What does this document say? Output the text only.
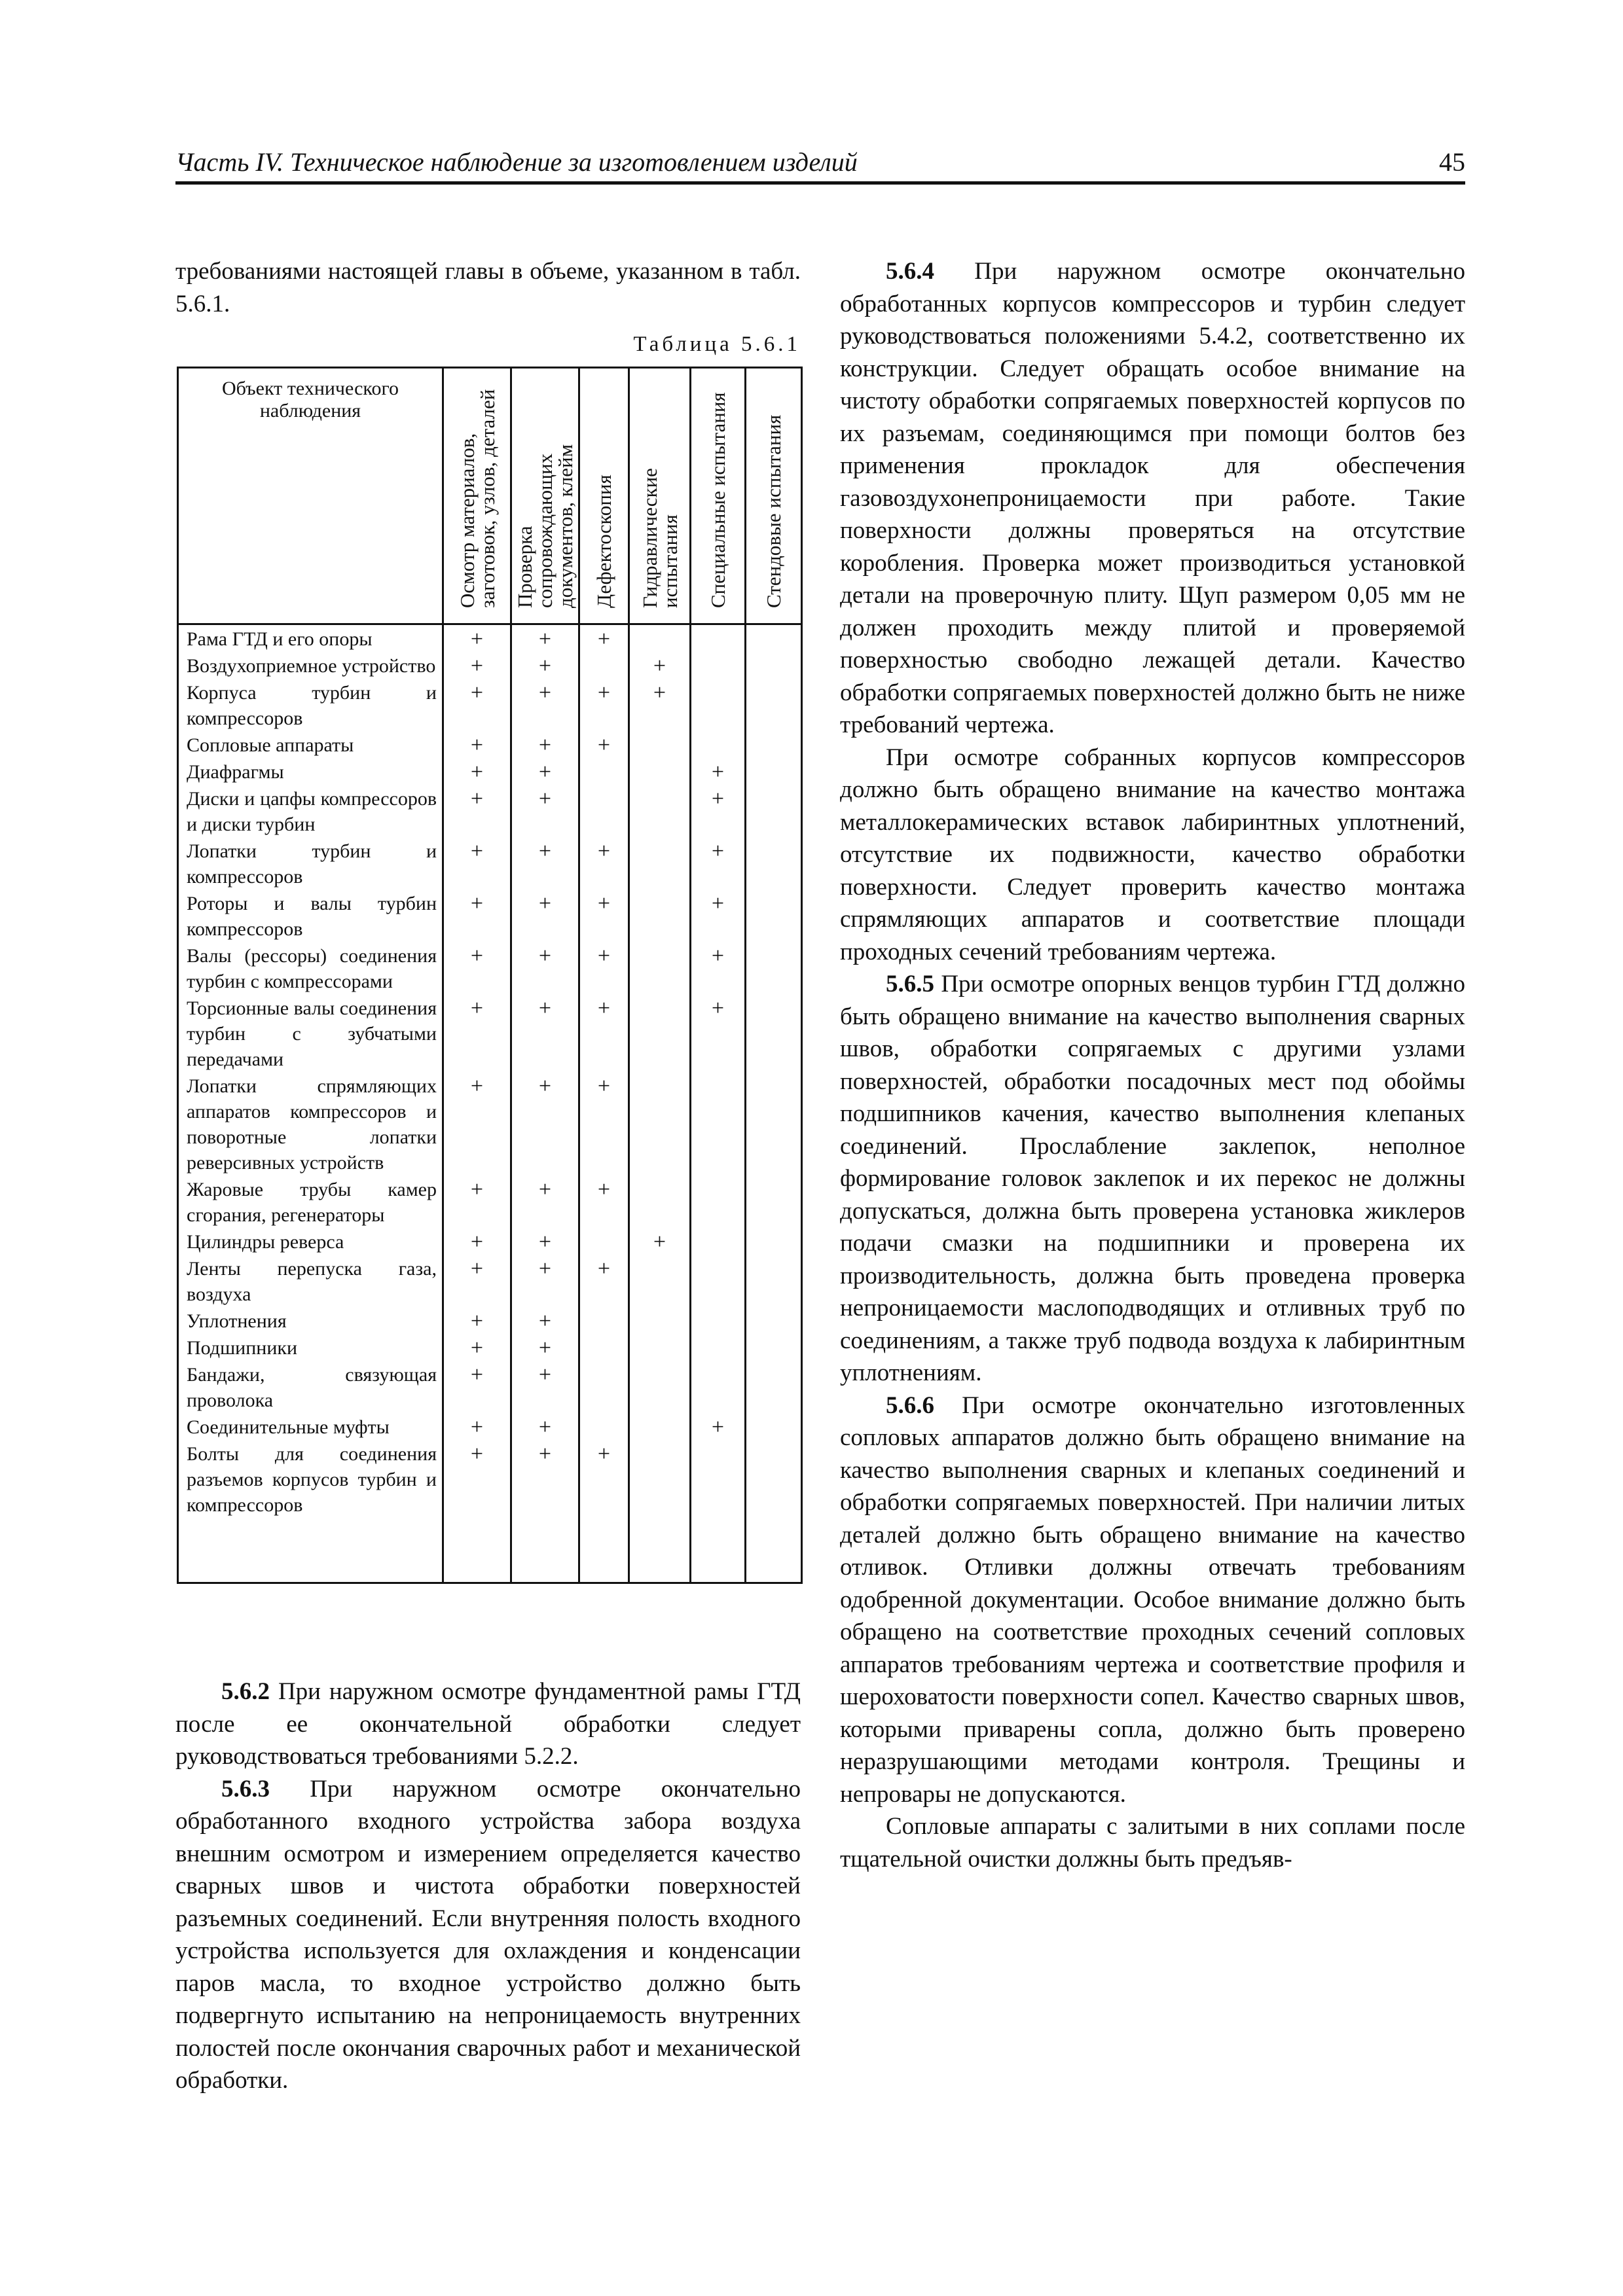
Часть IV. Техническое наблюдение за изготовлением изделий	45

требованиями настоящей главы в объеме, указанном в табл. 5.6.1.

Таблица 5.6.1
Объект технического наблюдения	Осмотр материалов, заготовок, узлов, деталей	Проверка сопровождающих документов, клейм	Дефектоскопия	Гидравлические испытания	Специальные испытания	Стендовые испытания

Рама ГТД и его опоры	+	+	+			
Воздухоприемное устройство	+	+		+		
Корпуса турбин и компрессоров	+	+	+	+		
Сопловые аппараты	+	+	+			
Диафрагмы	+	+			+	
Диски и цапфы компрессоров и диски турбин	+	+			+	
Лопатки турбин и компрессоров	+	+	+		+	
Роторы и валы турбин компрессоров	+	+	+		+	
Валы (рессоры) соединения турбин с компрессорами	+	+	+		+	
Торсионные валы соединения турбин с зубчатыми передачами	+	+	+		+	
Лопатки спрямляющих аппаратов компрессоров и поворотные лопатки реверсивных устройств	+	+	+			
Жаровые трубы камер сгорания, регенераторы	+	+	+			
Цилиндры реверса	+	+		+		
Ленты перепуска газа, воздуха	+	+	+			
Уплотнения	+	+				
Подшипники	+	+				
Бандажи, связующая проволока	+	+				
Соединительные муфты	+	+			+	
Болты для соединения разъемов корпусов турбин и компрессоров	+	+	+			

5.6.2 При наружном осмотре фундаментной рамы ГТД после ее окончательной обработки следует руководствоваться требованиями 5.2.2.

5.6.3 При наружном осмотре окончательно обработанного входного устройства забора воздуха внешним осмотром и измерением определяется качество сварных швов и чистота обработки поверхностей разъемных соединений. Если внутренняя полость входного устройства используется для охлаждения и конденсации паров масла, то входное устройство должно быть подвергнуто испытанию на непроницаемость внутренних полостей после окончания сварочных работ и механической обработки.

5.6.4 При наружном осмотре окончательно обработанных корпусов компрессоров и турбин следует руководствоваться положениями 5.4.2, соответственно их конструкции. Следует обращать особое внимание на чистоту обработки сопрягаемых поверхностей корпусов по их разъемам, соединяющимся при помощи болтов без применения прокладок для обеспечения газовоздухонепроницаемости при работе. Такие поверхности должны проверяться на отсутствие коробления. Проверка может производиться установкой детали на проверочную плиту. Щуп размером 0,05 мм не должен проходить между плитой и проверяемой поверхностью свободно лежащей детали. Качество обработки сопрягаемых поверхностей должно быть не ниже требований чертежа.

При осмотре собранных корпусов компрессоров должно быть обращено внимание на качество монтажа металлокерамических вставок лабиринтных уплотнений, отсутствие их подвижности, качество обработки поверхности. Следует проверить качество монтажа спрямляющих аппаратов и соответствие площади проходных сечений требованиям чертежа.

5.6.5 При осмотре опорных венцов турбин ГТД должно быть обращено внимание на качество выполнения сварных швов, обработки сопрягаемых с другими узлами поверхностей, обработки посадочных мест под обоймы подшипников качения, качество выполнения клепаных соединений. Прослабление заклепок, неполное формирование головок заклепок и их перекос не должны допускаться, должна быть проверена установка жиклеров подачи смазки на подшипники и проверена их производительность, должна быть проведена проверка непроницаемости маслоподводящих и отливных труб по соединениям, а также труб подвода воздуха к лабиринтным уплотнениям.

5.6.6 При осмотре окончательно изготовленных сопловых аппаратов должно быть обращено внимание на качество выполнения сварных и клепаных соединений и обработки сопрягаемых поверхностей. При наличии литых деталей должно быть обращено внимание на качество отливок. Отливки должны отвечать требованиям одобренной документации. Особое внимание должно быть обращено на соответствие проходных сечений сопловых аппаратов требованиям чертежа и соответствие профиля и шероховатости поверхности сопел. Качество сварных швов, которыми приварены сопла, должно быть проверено неразрушающими методами контроля. Трещины и непровары не допускаются.

Сопловые аппараты с залитыми в них соплами после тщательной очистки должны быть предъяв-
